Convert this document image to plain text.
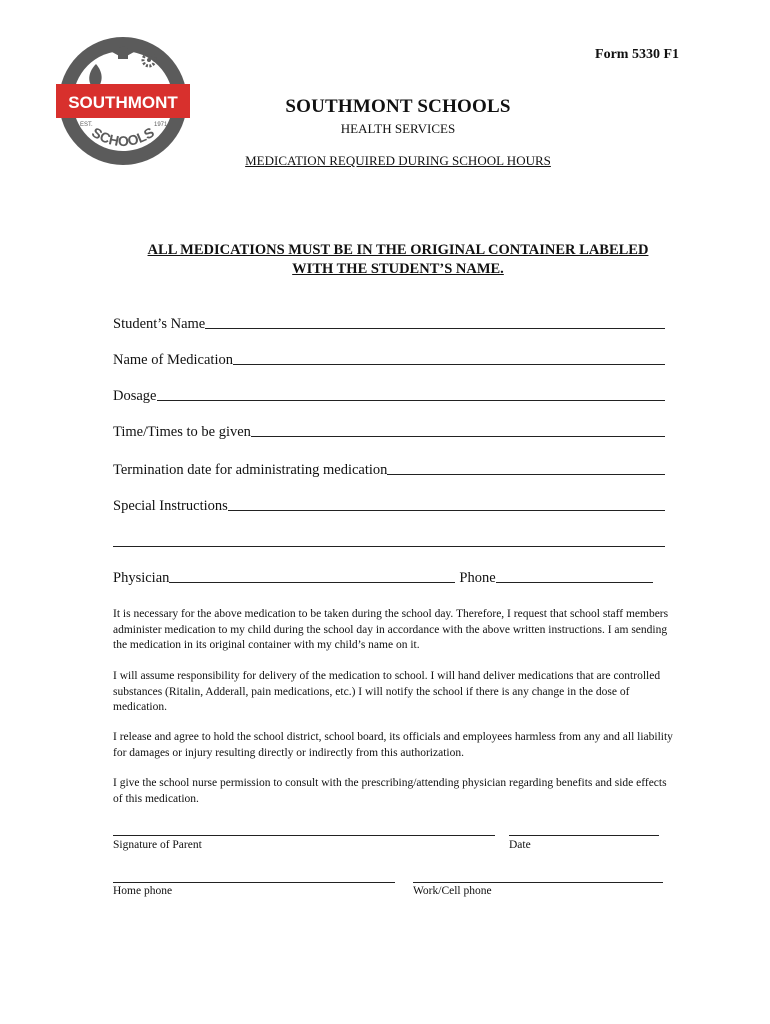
SOUTHMONT
EST.	1971
SCHOOLS
Form 5330 F1
SOUTHMONT SCHOOLS
HEALTH SERVICES
MEDICATION REQUIRED DURING SCHOOL HOURS
ALL MEDICATIONS MUST BE IN THE ORIGINAL CONTAINER LABELED
WITH THE STUDENT’S NAME.
Student’s Name
Name of Medication
Dosage
Time/Times to be given
Termination date for administrating medication
Special Instructions
Physician	Phone
It is necessary for the above medication to be taken during the school day. Therefore, I request that school staff members administer medication to my child during the school day in accordance with the above written instructions. I am sending the medication in its original container with my child’s name on it.
I will assume responsibility for delivery of the medication to school. I will hand deliver medications that are controlled substances (Ritalin, Adderall, pain medications, etc.) I will notify the school if there is any change in the dose of medication.
I release and agree to hold the school district, school board, its officials and employees harmless from any and all liability for damages or injury resulting directly or indirectly from this authorization.
I give the school nurse permission to consult with the prescribing/attending physician regarding benefits and side effects of this medication.
Signature of Parent	Date
Home phone	Work/Cell phone
